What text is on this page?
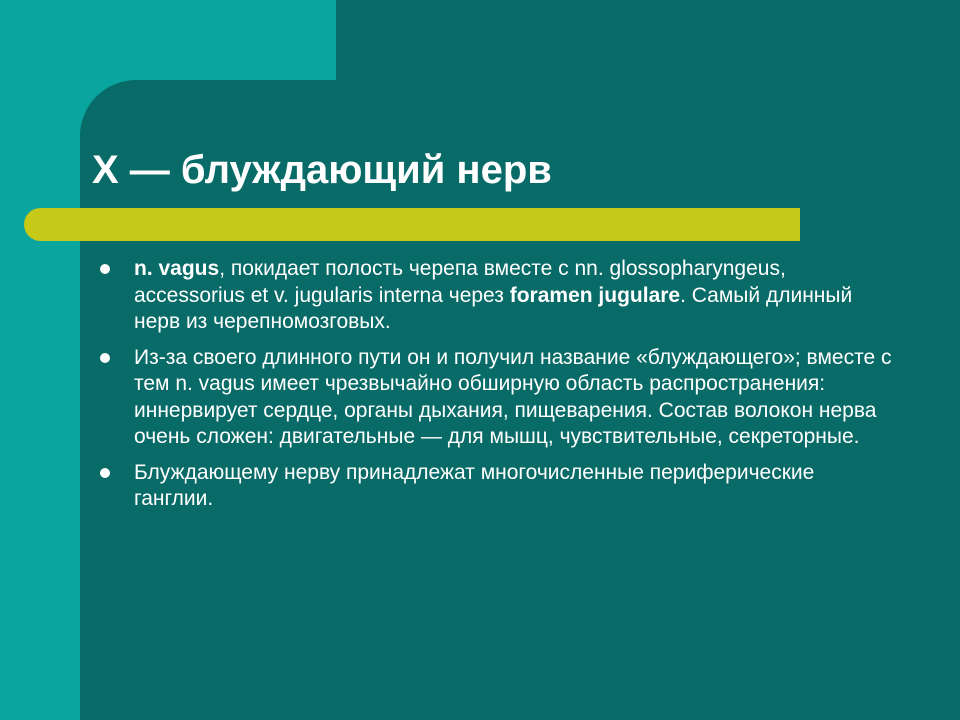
X — блуждающий нерв
n. vagus, покидает полость черепа вместе с nn. glossopharyngeus, accessorius et v. jugularis interna через foramen jugulare. Самый длинный нерв из черепномозговых.
Из-за своего длинного пути он и получил название «блуждающего»; вместе с тем n. vagus имеет чрезвычайно обширную область распространения: иннервирует сердце, органы дыхания, пищеварения. Состав волокон нерва очень сложен: двигательные — для мышц, чувствительные, секреторные.
Блуждающему нерву принадлежат многочисленные периферические ганглии.
